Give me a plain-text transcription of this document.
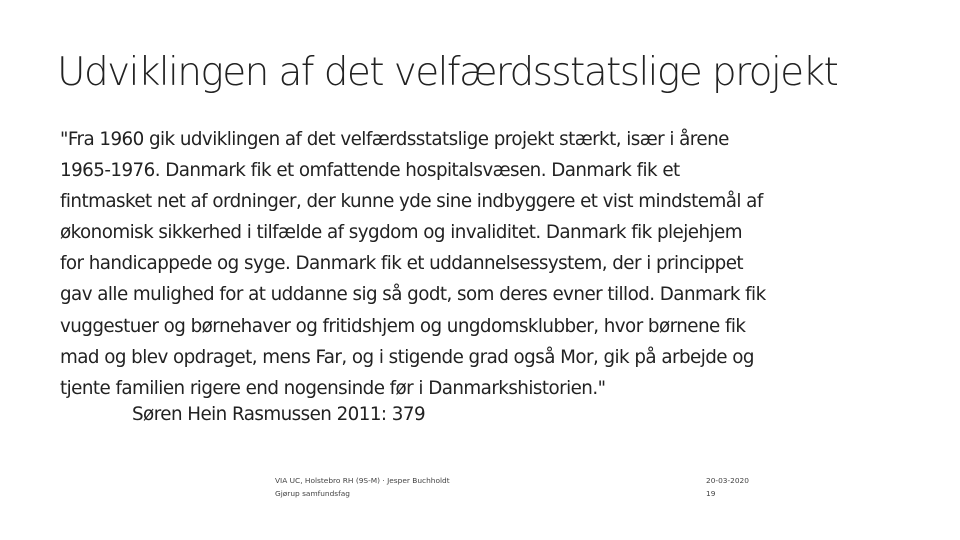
Udviklingen af det velfærdsstatslige projekt
"Fra 1960 gik udviklingen af det velfærdsstatslige projekt stærkt, især i årene
1965-1976. Danmark fik et omfattende hospitalsvæsen. Danmark fik et
fintmasket net af ordninger, der kunne yde sine indbyggere et vist mindstemål af
økonomisk sikkerhed i tilfælde af sygdom og invaliditet. Danmark fik plejehjem
for handicappede og syge. Danmark fik et uddannelsessystem, der i princippet
gav alle mulighed for at uddanne sig så godt, som deres evner tillod. Danmark fik
vuggestuer og børnehaver og fritidshjem og ungdomsklubber, hvor børnene fik
mad og blev opdraget, mens Far, og i stigende grad også Mor, gik på arbejde og
tjente familien rigere end nogensinde før i Danmarkshistorien."
Søren Hein Rasmussen 2011: 379
VIA UC, Holstebro RH (9S-M) · Jesper Buchholdt
Gjørup samfundsfag
20-03-2020
19
